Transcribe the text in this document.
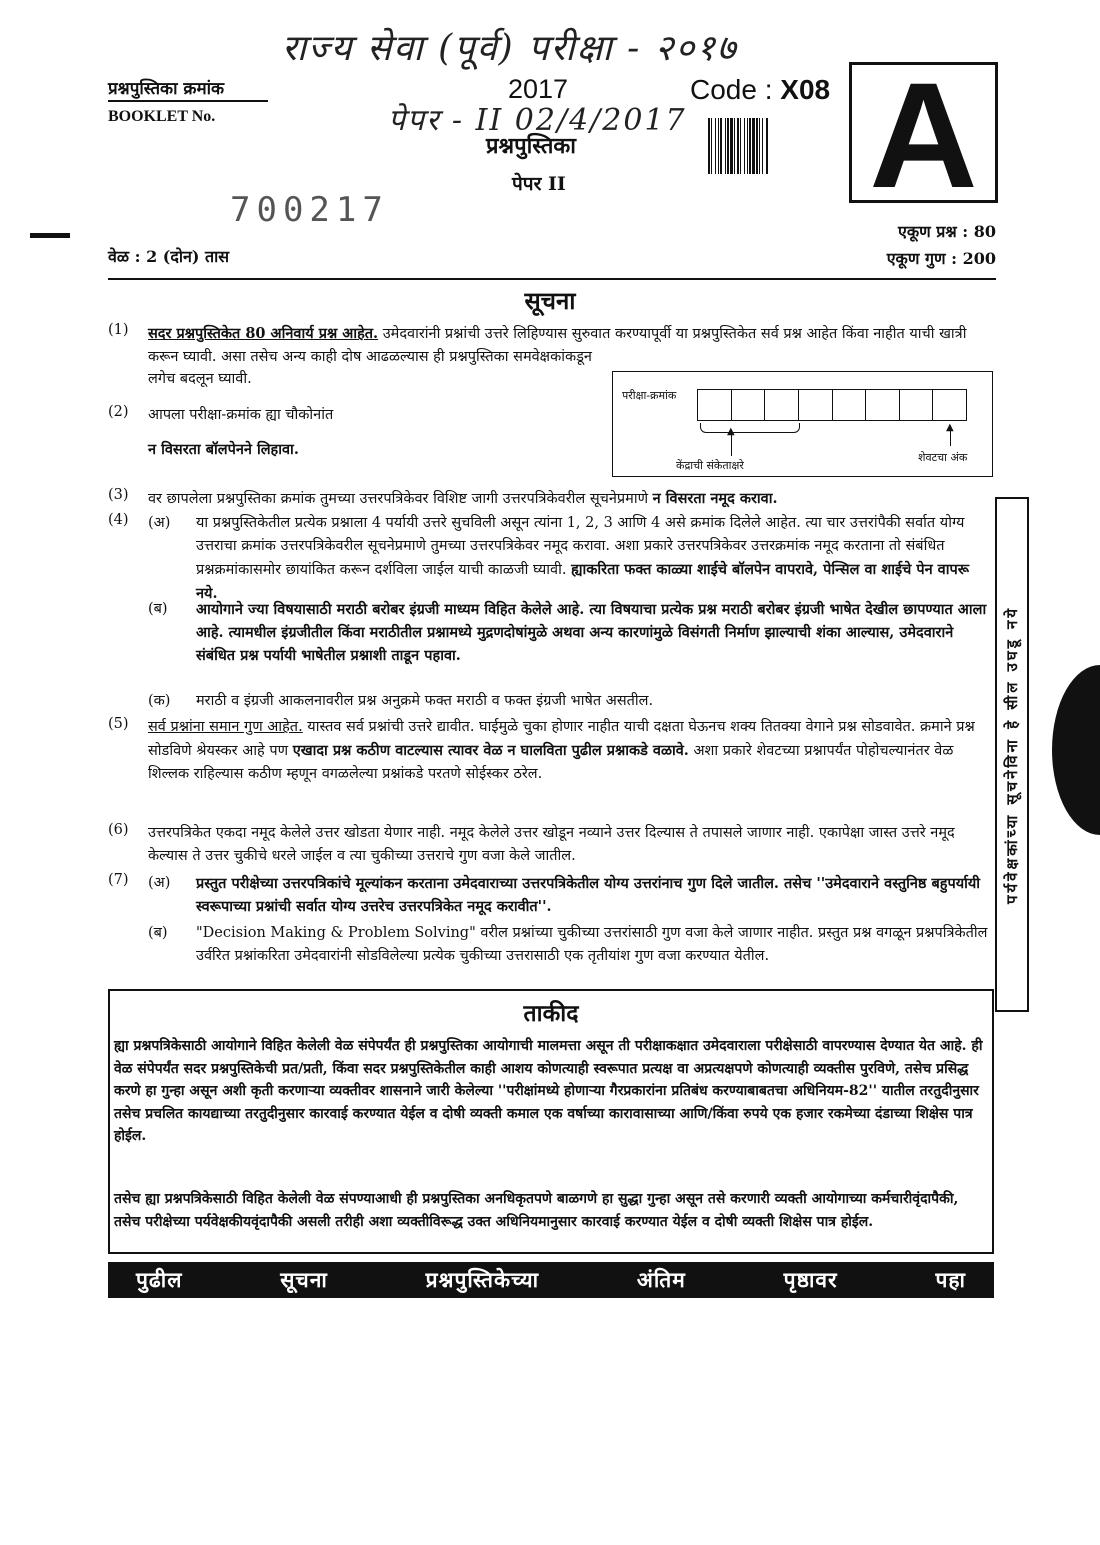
राज्य सेवा (पूर्व) परीक्षा - २०१७
पेपर - II 02/4/2017
700217
प्रश्नपुस्तिका क्रमांक
BOOKLET No.
2017	Code : X08
प्रश्नपुस्तिका
पेपर II A
एकूण प्रश्न : 80
एकूण गुण : 200
वेळ : 2 (दोन) तास
सूचना
(1) सदर प्रश्नपुस्तिकेत 80 अनिवार्य प्रश्न आहेत. उमेदवारांनी प्रश्नांची उत्तरे लिहिण्यास सुरुवात करण्यापूर्वी या प्रश्नपुस्तिकेत सर्व प्रश्न आहेत किंवा नाहीत याची खात्री करून घ्यावी. असा तसेच अन्य काही दोष आढळल्यास ही प्रश्नपुस्तिका समवेक्षकांकडून
लगेच बदलून घ्यावी.
(2) आपला परीक्षा-क्रमांक ह्या चौकोनांत
न विसरता बॉलपेनने लिहावा.
परीक्षा-क्रमांक
▲	▲
केंद्राची संकेताक्षरे
शेवटचा अंक
(3) वर छापलेला प्रश्नपुस्तिका क्रमांक तुमच्या उत्तरपत्रिकेवर विशिष्ट जागी उत्तरपत्रिकेवरील सूचनेप्रमाणे न विसरता नमूद करावा.
(4) (अ) या प्रश्नपुस्तिकेतील प्रत्येक प्रश्नाला 4 पर्यायी उत्तरे सुचविली असून त्यांना 1, 2, 3 आणि 4 असे क्रमांक दिलेले आहेत. त्या चार उत्तरांपैकी सर्वात योग्य उत्तराचा क्रमांक उत्तरपत्रिकेवरील सूचनेप्रमाणे तुमच्या उत्तरपत्रिकेवर नमूद करावा. अशा प्रकारे उत्तरपत्रिकेवर उत्तरक्रमांक नमूद करताना तो संबंधित प्रश्नक्रमांकासमोर छायांकित करून दर्शविला जाईल याची काळजी घ्यावी. ह्याकरिता फक्त काळ्या शाईचे बॉलपेन वापरावे, पेन्सिल वा शाईचे पेन वापरू नये.
(ब) आयोगाने ज्या विषयासाठी मराठी बरोबर इंग्रजी माध्यम विहित केलेले आहे. त्या विषयाचा प्रत्येक प्रश्न मराठी बरोबर इंग्रजी भाषेत देखील छापण्यात आला आहे. त्यामधील इंग्रजीतील किंवा मराठीतील प्रश्नामध्ये मुद्रणदोषांमुळे अथवा अन्य कारणांमुळे विसंगती निर्माण झाल्याची शंका आल्यास, उमेदवाराने संबंधित प्रश्न पर्यायी भाषेतील प्रश्नाशी ताडून पहावा.
(क) मराठी व इंग्रजी आकलनावरील प्रश्न अनुक्रमे फक्त मराठी व फक्त इंग्रजी भाषेत असतील.
(5) सर्व प्रश्नांना समान गुण आहेत. यास्तव सर्व प्रश्नांची उत्तरे द्यावीत. घाईमुळे चुका होणार नाहीत याची दक्षता घेऊनच शक्य तितक्या वेगाने प्रश्न सोडवावेत. क्रमाने प्रश्न सोडविणे श्रेयस्कर आहे पण एखादा प्रश्न कठीण वाटल्यास त्यावर वेळ न घालविता पुढील प्रश्नाकडे वळावे. अशा प्रकारे शेवटच्या प्रश्नापर्यंत पोहोचल्यानंतर वेळ शिल्लक राहिल्यास कठीण म्हणून वगळलेल्या प्रश्नांकडे परतणे सोईस्कर ठरेल.
(6) उत्तरपत्रिकेत एकदा नमूद केलेले उत्तर खोडता येणार नाही. नमूद केलेले उत्तर खोडून नव्याने उत्तर दिल्यास ते तपासले जाणार नाही. एकापेक्षा जास्त उत्तरे नमूद केल्यास ते उत्तर चुकीचे धरले जाईल व त्या चुकीच्या उत्तराचे गुण वजा केले जातील.
(7) (अ) प्रस्तुत परीक्षेच्या उत्तरपत्रिकांचे मूल्यांकन करताना उमेदवाराच्या उत्तरपत्रिकेतील योग्य उत्तरांनाच गुण दिले जातील. तसेच ''उमेदवाराने वस्तुनिष्ठ बहुपर्यायी स्वरूपाच्या प्रश्नांची सर्वात योग्य उत्तरेच उत्तरपत्रिकेत नमूद करावीत''.
(ब) "Decision Making & Problem Solving" वरील प्रश्नांच्या चुकीच्या उत्तरांसाठी गुण वजा केले जाणार नाहीत. प्रस्तुत प्रश्न वगळून प्रश्नपत्रिकेतील उर्वरित प्रश्नांकरिता उमेदवारांनी सोडविलेल्या प्रत्येक चुकीच्या उत्तरासाठी एक तृतीयांश गुण वजा करण्यात येतील.
ताकीद
ह्या प्रश्नपत्रिकेसाठी आयोगाने विहित केलेली वेळ संपेपर्यंत ही प्रश्नपुस्तिका आयोगाची मालमत्ता असून ती परीक्षाकक्षात उमेदवाराला परीक्षेसाठी वापरण्यास देण्यात येत आहे. ही वेळ संपेपर्यंत सदर प्रश्नपुस्तिकेची प्रत/प्रती, किंवा सदर प्रश्नपुस्तिकेतील काही आशय कोणत्याही स्वरूपात प्रत्यक्ष वा अप्रत्यक्षपणे कोणत्याही व्यक्तीस पुरविणे, तसेच प्रसिद्ध करणे हा गुन्हा असून अशी कृती करणाऱ्या व्यक्तीवर शासनाने जारी केलेल्या ''परीक्षांमध्ये होणाऱ्या गैरप्रकारांना प्रतिबंध करण्याबाबतचा अधिनियम-82'' यातील तरतुदीनुसार तसेच प्रचलित कायद्याच्या तरतुदीनुसार कारवाई करण्यात येईल व दोषी व्यक्ती कमाल एक वर्षाच्या कारावासाच्या आणि/किंवा रुपये एक हजार रकमेच्या दंडाच्या शिक्षेस पात्र होईल.
तसेच ह्या प्रश्नपत्रिकेसाठी विहित केलेली वेळ संपण्याआधी ही प्रश्नपुस्तिका अनधिकृतपणे बाळगणे हा सुद्धा गुन्हा असून तसे करणारी व्यक्ती आयोगाच्या कर्मचारीवृंदापैकी, तसेच परीक्षेच्या पर्यवेक्षकीयवृंदापैकी असली तरीही अशा व्यक्तीविरूद्ध उक्त अधिनियमानुसार कारवाई करण्यात येईल व दोषी व्यक्ती शिक्षेस पात्र होईल.
पुढील	सूचना	प्रश्नपुस्तिकेच्या	अंतिम	पृष्ठावर	पहा
पर्यवेक्षकांच्या सूचनेविना हे सील उघडू नये
